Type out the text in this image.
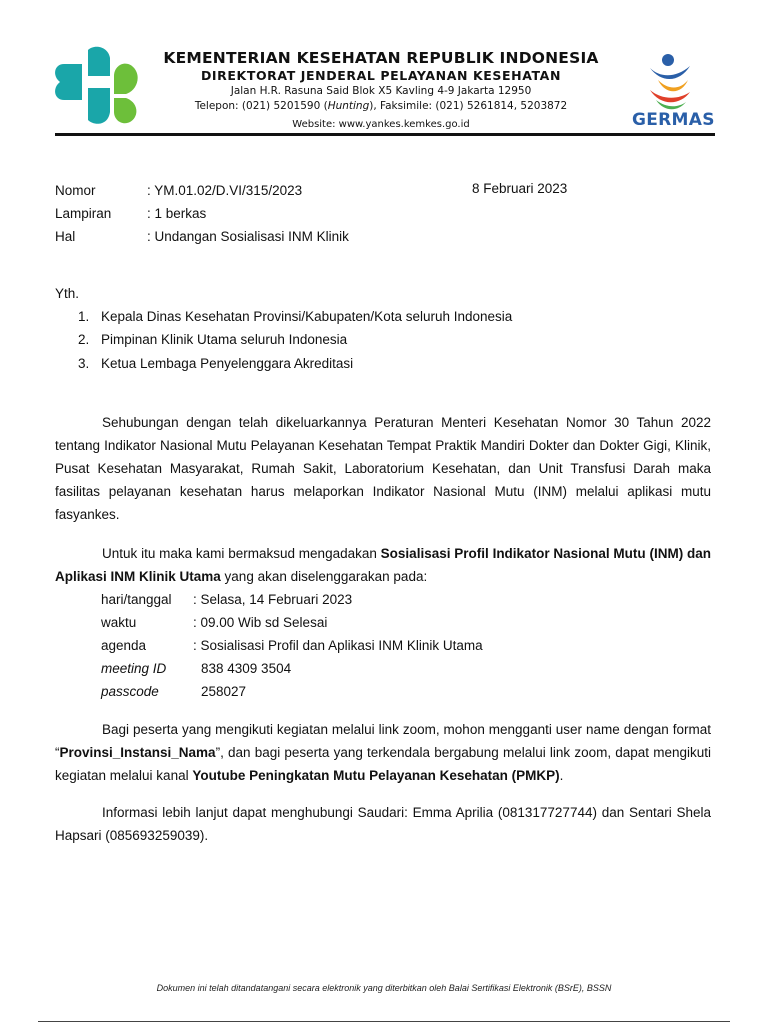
KEMENTERIAN KESEHATAN REPUBLIK INDONESIA
DIREKTORAT JENDERAL PELAYANAN KESEHATAN
Jalan H.R. Rasuna Said Blok X5 Kavling 4-9 Jakarta 12950
Telepon: (021) 5201590 (Hunting), Faksimile: (021) 5261814, 5203872
Website: www.yankes.kemkes.go.id	GERMAS
Nomor	: YM.01.02/D.VI/315/2023	8 Februari 2023
Lampiran	: 1 berkas
Hal	: Undangan Sosialisasi INM Klinik
Yth.
1. Kepala Dinas Kesehatan Provinsi/Kabupaten/Kota seluruh Indonesia
2. Pimpinan Klinik Utama seluruh Indonesia
3. Ketua Lembaga Penyelenggara Akreditasi
Sehubungan dengan telah dikeluarkannya Peraturan Menteri Kesehatan Nomor 30 Tahun 2022 tentang Indikator Nasional Mutu Pelayanan Kesehatan Tempat Praktik Mandiri Dokter dan Dokter Gigi, Klinik, Pusat Kesehatan Masyarakat, Rumah Sakit, Laboratorium Kesehatan, dan Unit Transfusi Darah maka fasilitas pelayanan kesehatan harus melaporkan Indikator Nasional Mutu (INM) melalui aplikasi mutu fasyankes.
Untuk itu maka kami bermaksud mengadakan Sosialisasi Profil Indikator Nasional Mutu (INM) dan Aplikasi INM Klinik Utama yang akan diselenggarakan pada:
hari/tanggal : Selasa, 14 Februari 2023
waktu	: 09.00 Wib sd Selesai
agenda	: Sosialisasi Profil dan Aplikasi INM Klinik Utama
meeting ID	838 4309 3504
passcode	258027
Bagi peserta yang mengikuti kegiatan melalui link zoom, mohon mengganti user name dengan format “Provinsi_Instansi_Nama”, dan bagi peserta yang terkendala bergabung melalui link zoom, dapat mengikuti kegiatan melalui kanal Youtube Peningkatan Mutu Pelayanan Kesehatan (PMKP).
Informasi lebih lanjut dapat menghubungi Saudari: Emma Aprilia (081317727744) dan Sentari Shela Hapsari (085693259039).
Dokumen ini telah ditandatangani secara elektronik yang diterbitkan oleh Balai Sertifikasi Elektronik (BSrE), BSSN
